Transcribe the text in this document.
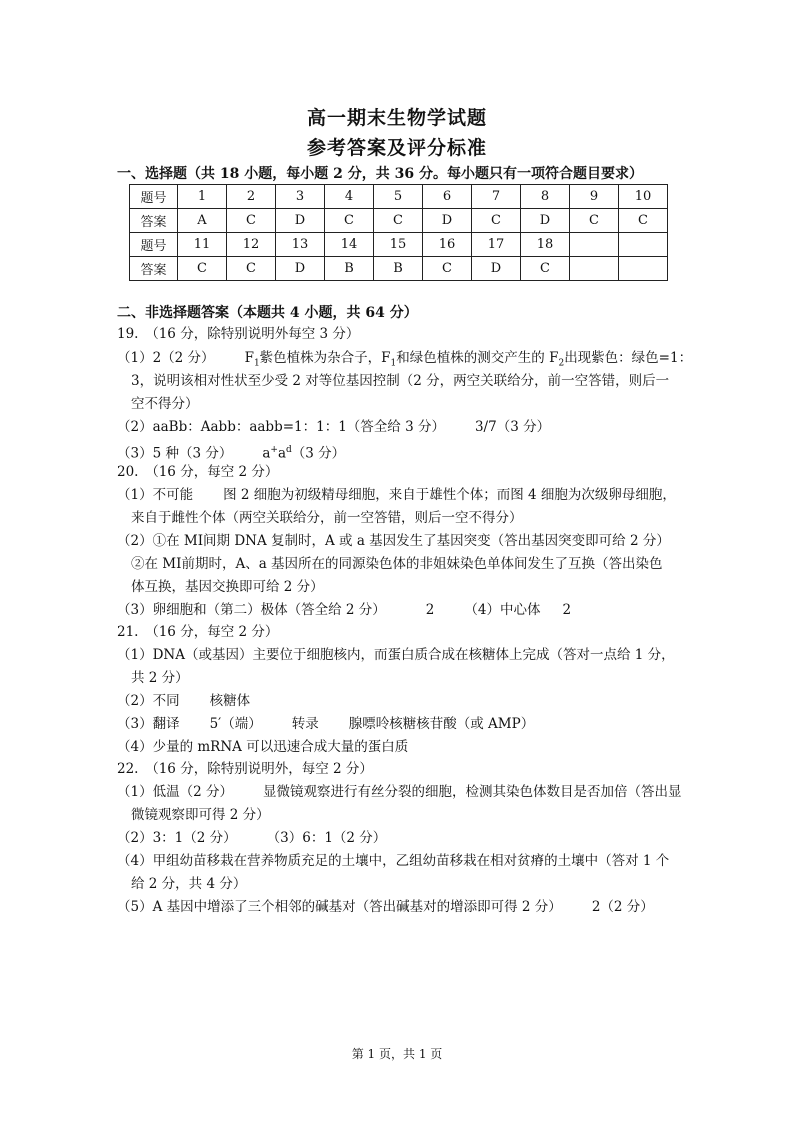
高一期末生物学试题
参考答案及评分标准
一、选择题（共 18 小题，每小题 2 分，共 36 分。每小题只有一项符合题目要求）
题号	1	2	3	4	5	6	7	8	9	10
答案	A	C	D	C	C	D	C	D	C	C
题号	11	12	13	14	15	16	17	18		
答案	C	C	D	B	B	C	D	C		
二、非选择题答案（本题共 4 小题，共 64 分）
19.　（16 分，除特别说明外每空 3 分）
（1）2（2 分） $F_1$紫色植株为杂合子，$F_1$和绿色植株的测交产生的 $F_2$出现紫色：绿色=1：
3，说明该相对性状至少受 2 对等位基因控制（2 分，两空关联给分，前一空答错，则后一
空不得分）
（2）aaBb：Aabb：aabb=1：1：1（答全给 3 分） 3/7（3 分）
（3）5 种（3 分） $a^+a^d(3$ 分）
20.　（16 分，每空 2 分）
（1）不可能 图 2 细胞为初级精母细胞，来自于雄性个体；而图 4 细胞为次级卵母细胞，
来自于雌性个体（两空关联给分，前一空答错，则后一空不得分）
（2）①在 MⅠ间期 DNA 复制时，A 或 a 基因发生了基因突变（答出基因突变即可给 2 分）
②在 MⅠ前期时，A、a 基因所在的同源染色体的非姐妹染色单体间发生了互换（答出染色
体互换，基因交换即可给 2 分）
（3）卵细胞和（第二）极体（答全给 2 分）	2 （4）中心体 2
21.　（16 分，每空 2 分）
（1）DNA（或基因）主要位于细胞核内，而蛋白质合成在核糖体上完成（答对一点给 1 分，
共 2 分）
（2）不同 核糖体
（3）翻译 5′（端） 转录 腺嘌呤核糖核苷酸（或 AMP）
（4）少量的 mRNA 可以迅速合成大量的蛋白质
22.　（16 分，除特别说明外，每空 2 分）
（1）低温（2 分） 显微镜观察进行有丝分裂的细胞，检测其染色体数目是否加倍（答出显
微镜观察即可得 2 分）
（2）3：1（2 分） （3）6：1（2 分）
（4）甲组幼苗移栽在营养物质充足的土壤中，乙组幼苗移栽在相对贫瘠的土壤中（答对 1 个
给 2 分，共 4 分）
（5）A 基因中增添了三个相邻的碱基对（答出碱基对的增添即可得 2 分） 2（2 分）
第 1 页，共 1 页
